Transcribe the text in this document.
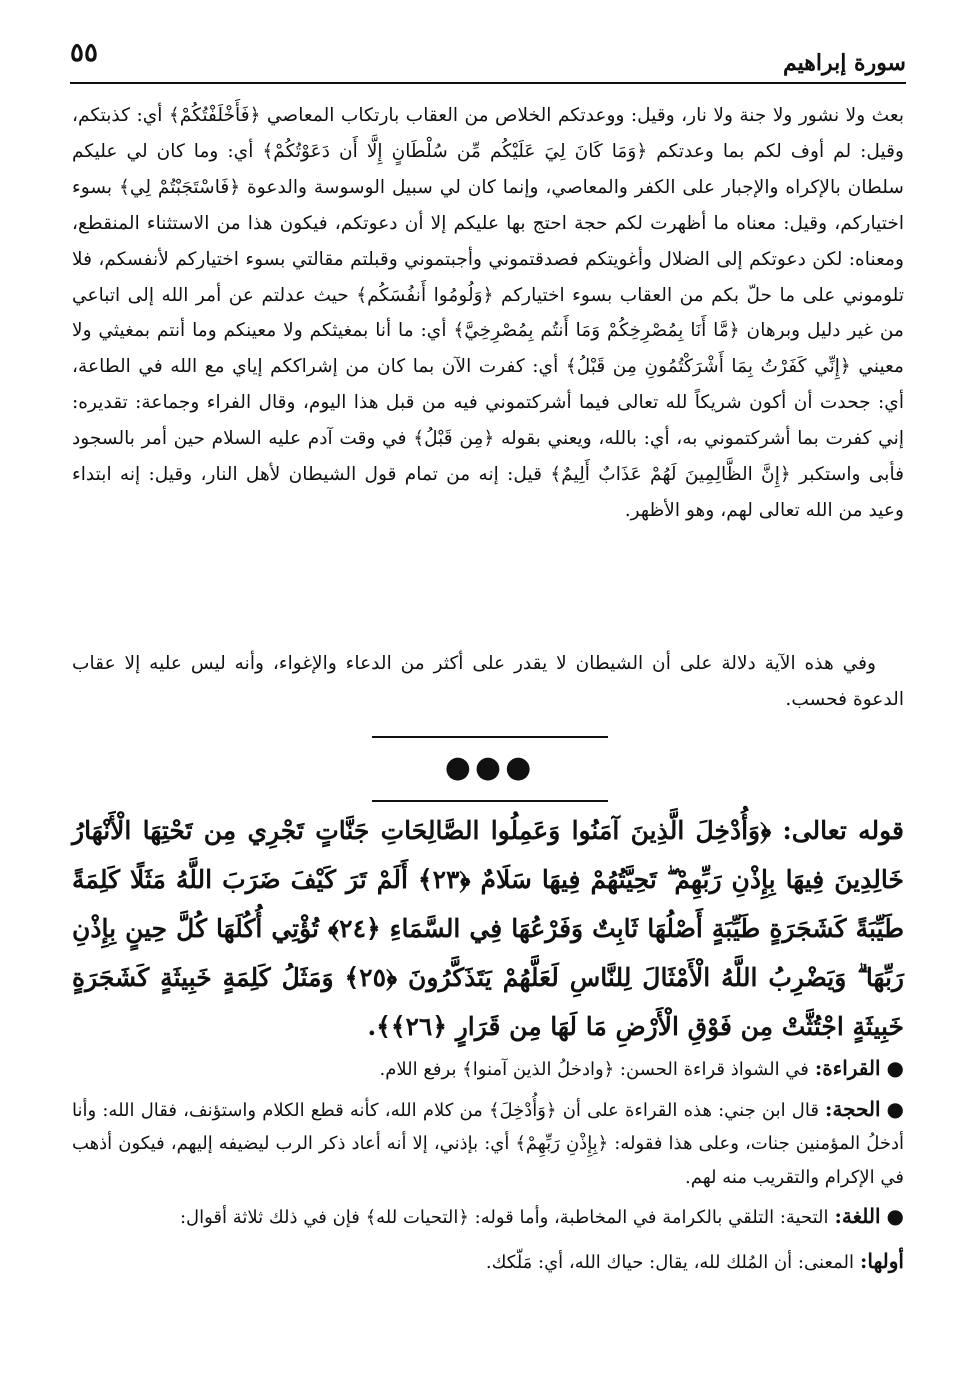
٥٥	سورة إبراهيم

بعث ولا نشور ولا جنة ولا نار، وقيل: ووعدتكم الخلاص من العقاب بارتكاب المعاصي ﴿فَأَخْلَفْتُكُمْ﴾ أي: كذبتكم، وقيل: لم أوف لكم بما وعدتكم ﴿وَمَا كَانَ لِيَ عَلَيْكُم مِّن سُلْطَانٍ إِلَّا أَن دَعَوْتُكُمْ﴾ أي: وما كان لي عليكم سلطان بالإكراه والإجبار على الكفر والمعاصي، وإنما كان لي سبيل الوسوسة والدعوة ﴿فَاسْتَجَبْتُمْ لِي﴾ بسوء اختياركم، وقيل: معناه ما أظهرت لكم حجة احتج بها عليكم إلا أن دعوتكم، فيكون هذا من الاستثناء المنقطع، ومعناه: لكن دعوتكم إلى الضلال وأغويتكم فصدقتموني وأجبتموني وقبلتم مقالتي بسوء اختياركم لأنفسكم، فلا تلوموني على ما حلّ بكم من العقاب بسوء اختياركم ﴿وَلُومُوا أَنفُسَكُم﴾ حيث عدلتم عن أمر الله إلى اتباعي من غير دليل وبرهان ﴿مَّا أَنَا بِمُصْرِخِكُمْ وَمَا أَنتُم بِمُصْرِخِيَّ﴾ أي: ما أنا بمغيثكم ولا معينكم وما أنتم بمغيثي ولا معيني ﴿إِنِّي كَفَرْتُ بِمَا أَشْرَكْتُمُونِ مِن قَبْلُ﴾ أي: كفرت الآن بما كان من إشراككم إياي مع الله في الطاعة، أي: جحدت أن أكون شريكاً لله تعالى فيما أشركتموني فيه من قبل هذا اليوم، وقال الفراء وجماعة: تقديره: إني كفرت بما أشركتموني به، أي: بالله، ويعني بقوله ﴿مِن قَبْلُ﴾ في وقت آدم عليه السلام حين أمر بالسجود فأبى واستكبر ﴿إِنَّ الظَّالِمِينَ لَهُمْ عَذَابٌ أَلِيمٌ﴾ قيل: إنه من تمام قول الشيطان لأهل النار، وقيل: إنه ابتداء وعيد من الله تعالى لهم، وهو الأظهر.

وفي هذه الآية دلالة على أن الشيطان لا يقدر على أكثر من الدعاء والإغواء، وأنه ليس عليه إلا عقاب الدعوة فحسب.

●●●

قوله تعالى: ﴿وَأُدْخِلَ الَّذِينَ آمَنُوا وَعَمِلُوا الصَّالِحَاتِ جَنَّاتٍ تَجْرِي مِن تَحْتِهَا الْأَنْهَارُ خَالِدِينَ فِيهَا بِإِذْنِ رَبِّهِمْ ۖ تَحِيَّتُهُمْ فِيهَا سَلَامٌ ﴿٢٣﴾ أَلَمْ تَرَ كَيْفَ ضَرَبَ اللَّهُ مَثَلًا كَلِمَةً طَيِّبَةً كَشَجَرَةٍ طَيِّبَةٍ أَصْلُهَا ثَابِتٌ وَفَرْعُهَا فِي السَّمَاءِ ﴿٢٤﴾ تُؤْتِي أُكُلَهَا كُلَّ حِينٍ بِإِذْنِ رَبِّهَا ۗ وَيَضْرِبُ اللَّهُ الْأَمْثَالَ لِلنَّاسِ لَعَلَّهُمْ يَتَذَكَّرُونَ ﴿٢٥﴾ وَمَثَلُ كَلِمَةٍ خَبِيثَةٍ كَشَجَرَةٍ خَبِيثَةٍ اجْتُثَّتْ مِن فَوْقِ الْأَرْضِ مَا لَهَا مِن قَرَارٍ ﴿٢٦﴾﴾.

●القراءة:في الشواذ قراءة الحسن: ﴿وادخلُ الذين آمنوا﴾ برفع اللام.

●الحجة:قال ابن جني: هذه القراءة على أن ﴿وَأُدْخِلَ﴾ من كلام الله، كأنه قطع الكلام واستؤنف، فقال الله: وأنا أدخلُ المؤمنين جنات، وعلى هذا فقوله: ﴿بِإِذْنِ رَبِّهِمْ﴾ أي: بإذني، إلا أنه أعاد ذكر الرب ليضيفه إليهم، فيكون أذهب في الإكرام والتقريب منه لهم.

●اللغة:التحية: التلقي بالكرامة في المخاطبة، وأما قوله: ﴿التحيات لله﴾ فإن في ذلك ثلاثة أقوال:

أولها:المعنى: أن المُلك لله، يقال: حياك الله، أي: مَلّكك.
